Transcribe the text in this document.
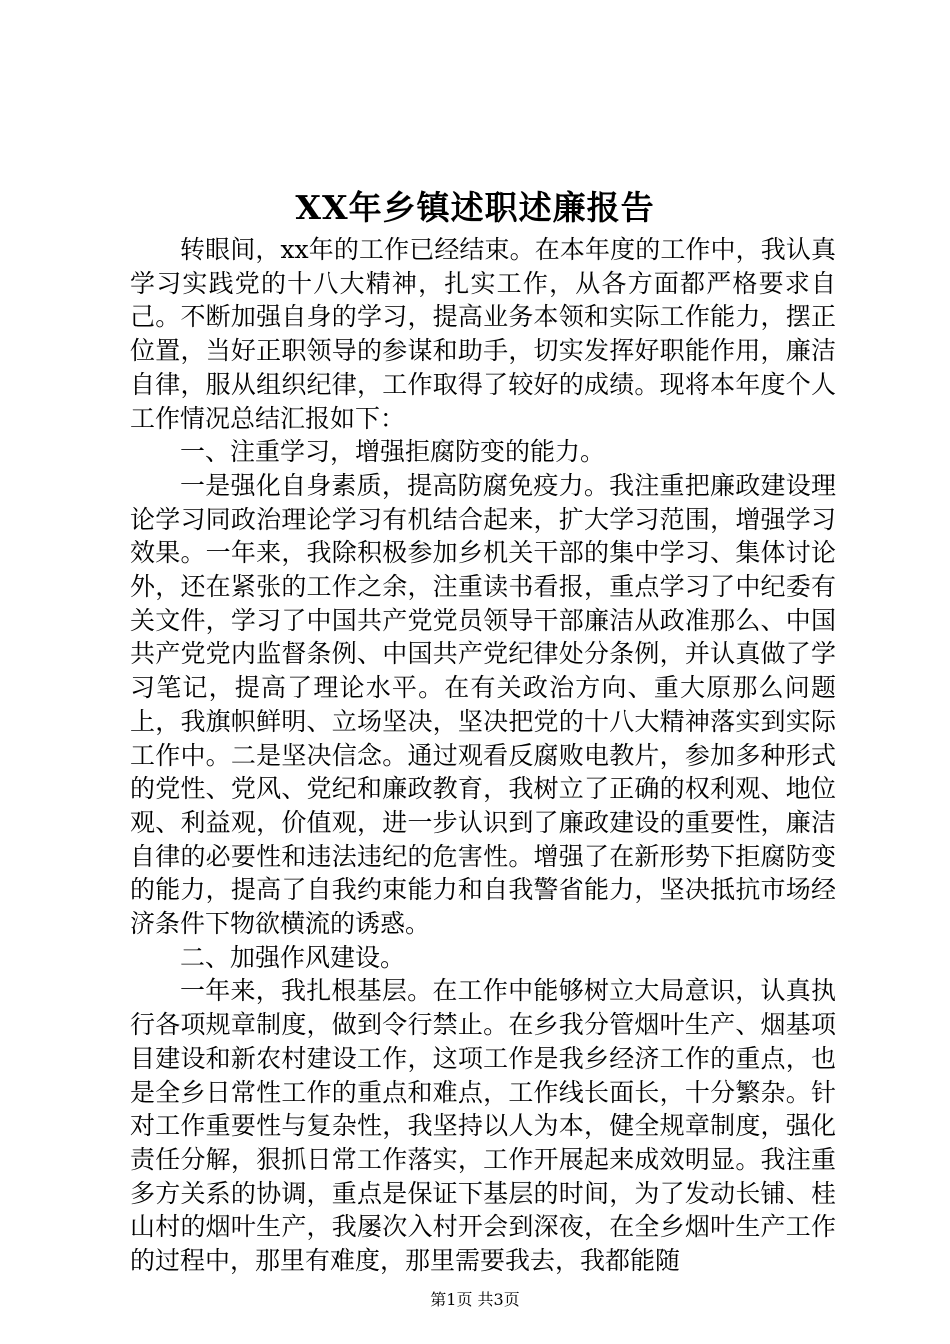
XX年乡镇述职述廉报告

转眼间，xx年的工作已经结束。在本年度的工作中，我认真学习实践党的十八大精神，扎实工作，从各方面都严格要求自己。不断加强自身的学习，提高业务本领和实际工作能力，摆正位置，当好正职领导的参谋和助手，切实发挥好职能作用，廉洁自律，服从组织纪律，工作取得了较好的成绩。现将本年度个人工作情况总结汇报如下：

一、注重学习，增强拒腐防变的能力。

一是强化自身素质，提高防腐免疫力。我注重把廉政建设理论学习同政治理论学习有机结合起来，扩大学习范围，增强学习效果。一年来，我除积极参加乡机关干部的集中学习、集体讨论外，还在紧张的工作之余，注重读书看报，重点学习了中纪委有关文件，学习了中国共产党党员领导干部廉洁从政准那么、中国共产党党内监督条例、中国共产党纪律处分条例，并认真做了学习笔记，提高了理论水平。在有关政治方向、重大原那么问题上，我旗帜鲜明、立场坚决，坚决把党的十八大精神落实到实际工作中。二是坚决信念。通过观看反腐败电教片，参加多种形式的党性、党风、党纪和廉政教育，我树立了正确的权利观、地位观、利益观，价值观，进一步认识到了廉政建设的重要性，廉洁自律的必要性和违法违纪的危害性。增强了在新形势下拒腐防变的能力，提高了自我约束能力和自我警省能力，坚决抵抗市场经济条件下物欲横流的诱惑。

二、加强作风建设。

一年来，我扎根基层。在工作中能够树立大局意识，认真执行各项规章制度，做到令行禁止。在乡我分管烟叶生产、烟基项目建设和新农村建设工作，这项工作是我乡经济工作的重点，也是全乡日常性工作的重点和难点，工作线长面长，十分繁杂。针对工作重要性与复杂性，我坚持以人为本，健全规章制度，强化责任分解，狠抓日常工作落实，工作开展起来成效明显。我注重多方关系的协调，重点是保证下基层的时间，为了发动长铺、桂山村的烟叶生产，我屡次入村开会到深夜，在全乡烟叶生产工作的过程中，那里有难度，那里需要我去，我都能随

第1页 共3页
